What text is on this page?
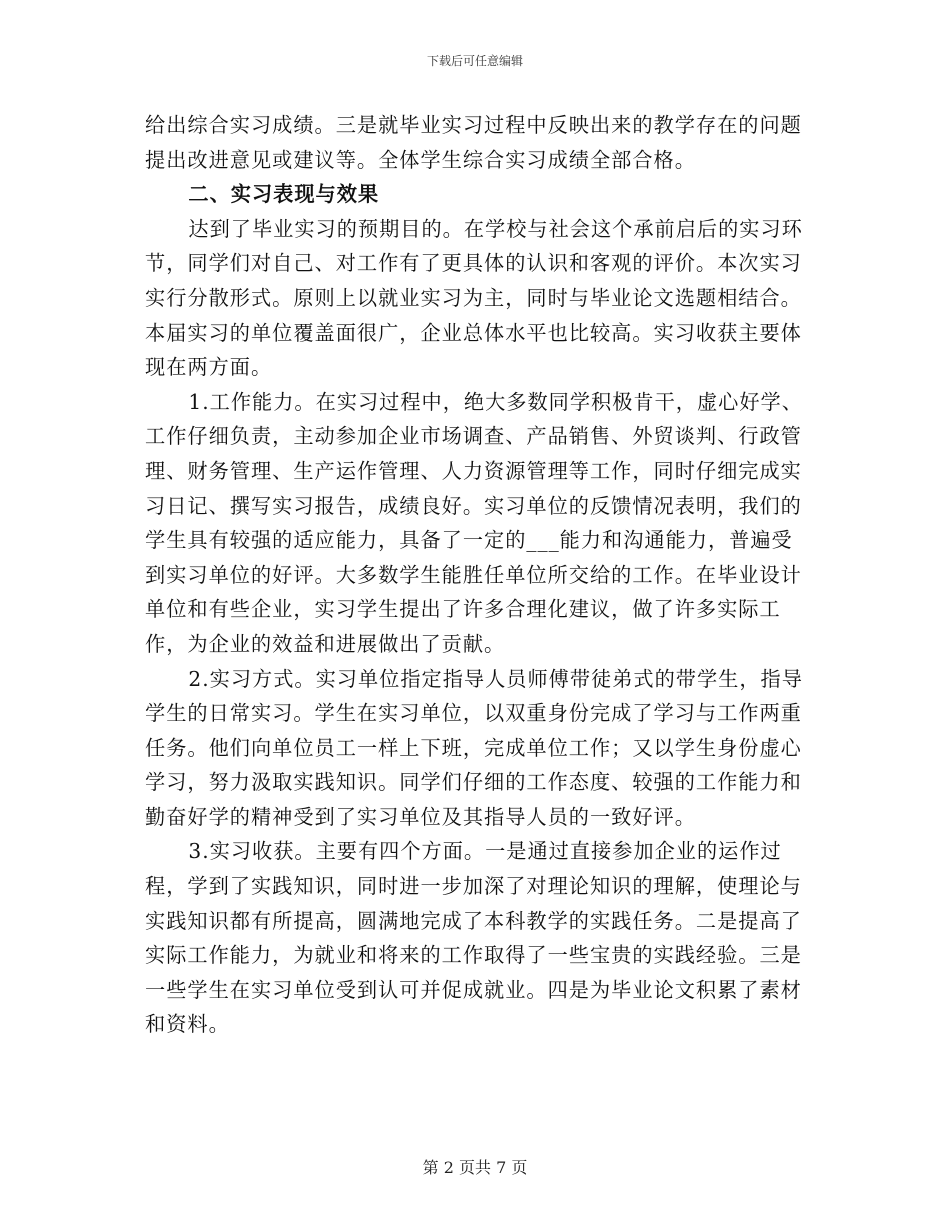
下载后可任意编辑

给出综合实习成绩。三是就毕业实习过程中反映出来的教学存在的问题提出改进意见或建议等。全体学生综合实习成绩全部合格。

二、实习表现与效果

达到了毕业实习的预期目的。在学校与社会这个承前启后的实习环节，同学们对自己、对工作有了更具体的认识和客观的评价。本次实习实行分散形式。原则上以就业实习为主，同时与毕业论文选题相结合。本届实习的单位覆盖面很广，企业总体水平也比较高。实习收获主要体现在两方面。

1.工作能力。在实习过程中，绝大多数同学积极肯干，虚心好学、工作仔细负责，主动参加企业市场调查、产品销售、外贸谈判、行政管理、财务管理、生产运作管理、人力资源管理等工作，同时仔细完成实习日记、撰写实习报告，成绩良好。实习单位的反馈情况表明，我们的学生具有较强的适应能力，具备了一定的___能力和沟通能力，普遍受到实习单位的好评。大多数学生能胜任单位所交给的工作。在毕业设计单位和有些企业，实习学生提出了许多合理化建议，做了许多实际工作，为企业的效益和进展做出了贡献。

2.实习方式。实习单位指定指导人员师傅带徒弟式的带学生，指导学生的日常实习。学生在实习单位，以双重身份完成了学习与工作两重任务。他们向单位员工一样上下班，完成单位工作；又以学生身份虚心学习，努力汲取实践知识。同学们仔细的工作态度、较强的工作能力和勤奋好学的精神受到了实习单位及其指导人员的一致好评。

3.实习收获。主要有四个方面。一是通过直接参加企业的运作过程，学到了实践知识，同时进一步加深了对理论知识的理解，使理论与实践知识都有所提高，圆满地完成了本科教学的实践任务。二是提高了实际工作能力，为就业和将来的工作取得了一些宝贵的实践经验。三是一些学生在实习单位受到认可并促成就业。四是为毕业论文积累了素材和资料。

第 2 页共 7 页
